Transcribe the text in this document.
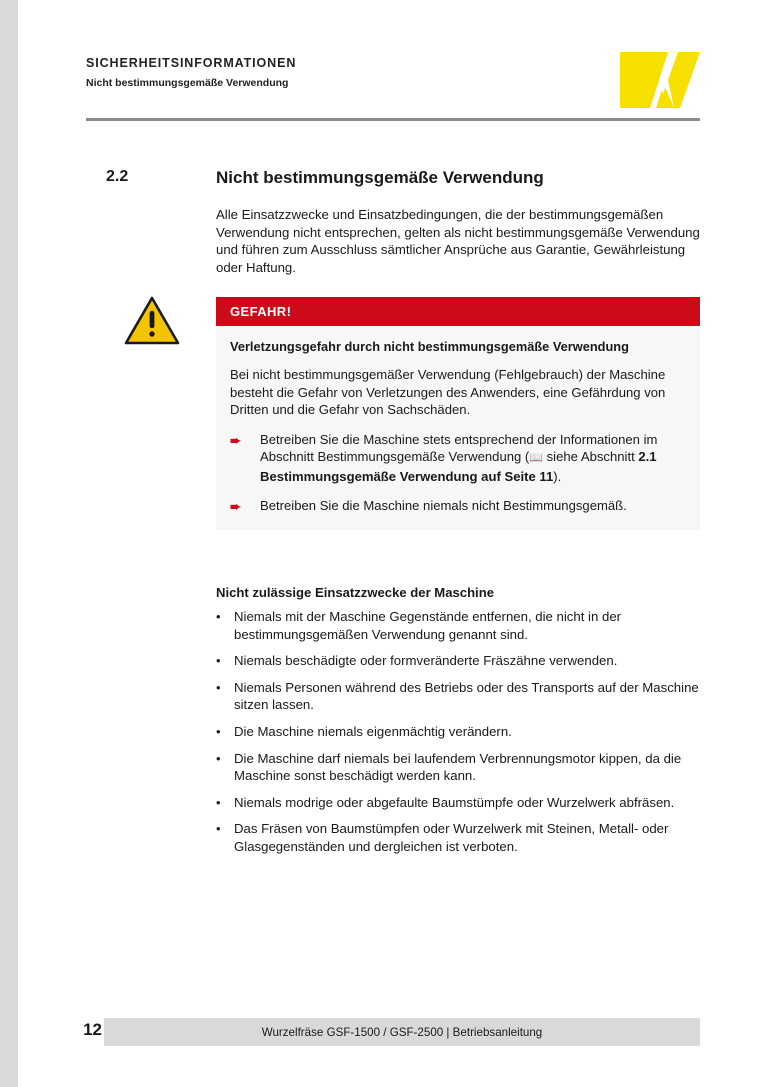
SICHERHEITSINFORMATIONEN
Nicht bestimmungsgemäße Verwendung
2.2	Nicht bestimmungsgemäße Verwendung
Alle Einsatzzwecke und Einsatzbedingungen, die der bestimmungsgemäßen Verwendung nicht entsprechen, gelten als nicht bestimmungsgemäße Verwendung und führen zum Ausschluss sämtlicher Ansprüche aus Garantie, Gewährleistung oder Haftung.
GEFAHR!
Verletzungsgefahr durch nicht bestimmungsgemäße Verwendung
Bei nicht bestimmungsgemäßer Verwendung (Fehlgebrauch) der Maschine besteht die Gefahr von Verletzungen des Anwenders, eine Gefährdung von Dritten und die Gefahr von Sachschäden.
➨	Betreiben Sie die Maschine stets entsprechend der Informationen im Abschnitt Bestimmungsgemäße Verwendung (📖 siehe Abschnitt 2.1 Bestimmungsgemäße Verwendung auf Seite 11).
➨	Betreiben Sie die Maschine niemals nicht Bestimmungsgemäß.
Nicht zulässige Einsatzzwecke der Maschine
•	Niemals mit der Maschine Gegenstände entfernen, die nicht in der bestimmungsgemäßen Verwendung genannt sind.
•	Niemals beschädigte oder formveränderte Fräszähne verwenden.
•	Niemals Personen während des Betriebs oder des Transports auf der Maschine sitzen lassen.
•	Die Maschine niemals eigenmächtig verändern.
•	Die Maschine darf niemals bei laufendem Verbrennungsmotor kippen, da die Maschine sonst beschädigt werden kann.
•	Niemals modrige oder abgefaulte Baumstümpfe oder Wurzelwerk abfräsen.
•	Das Fräsen von Baumstümpfen oder Wurzelwerk mit Steinen, Metall- oder Glasgegenständen und dergleichen ist verboten.
Wurzelfräse GSF-1500 / GSF-2500 | Betriebsanleitung
12
